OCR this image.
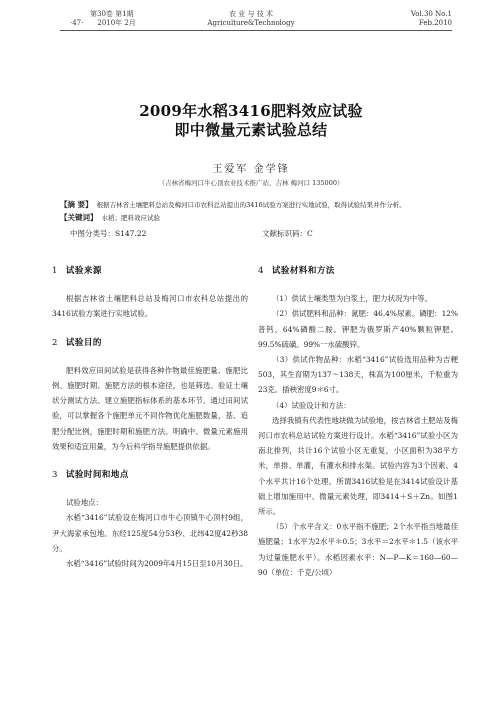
第30卷 第1期
·47· 2010年 2月
农 业 与 技 术
Agriculture&Technology
Vol.30 No.1
Feb.2010
2009年水稻3416肥料效应试验
即中微量元素试验总结
王爱军 金学锋
（吉林省梅河口牛心顶农业技术推广站，吉林 梅河口 135000）
【摘 要】 根据吉林省土壤肥料总站及梅河口市农科总站提出的3416试验方案进行实地试验，取得试验结果并作分析。
【关键词】 水稻；肥料效应试验
中图分类号：S147.22	文献标识码：C
1 试验来源

根据吉林省土壤肥料总站及梅河口市农科总站提出的3416试验方案进行实地试验。

2 试验目的

肥料效应田间试验是获得各种作物最佳施肥量、施肥比例、施肥时期、施肥方法的根本途径，也是筛选、验证土壤状分测试方法、建立施肥指标体系的基本环节。通过田间试验，可以掌握各个施肥单元不同作物优化施肥数量，基、追肥分配比例，施肥时期和施肥方法。明确中、微量元素施用效果和适宜用量，为今后科学指导施肥提供依据。

3 试验时间和地点

试验地点：

水稻“3416”试验设在梅河口市牛心顶镇牛心顶村9组，尹大海家承包地。东经125度54分53秒、北纬42度42秒38分。

水稻“3416”试验时间为2009年4月15日至10月30日。

4 试验材料和方法

（1）供试土壤类型为白浆土，肥力状况为中等。

（2）供试肥料和品种：氮肥：46.4%尿素。磷肥：12%普钙、64%磷酸二胺。钾肥为俄罗斯产40%颗粒钾肥。99.5%硫磺。99%一水硫酸锌。

（3）供试作物品种：水稻“3416”试验选用品种为吉粳503，其生育期为137～138天，株高为100厘米，千粒重为23克。插秧密度9＊6寸。

（4）试验设计和方法：

选择我镇有代表性地块做为试验地，按吉林省土肥站及梅河口市农科总站试验方案进行设计。水稻“3416”试验小区为南北排列，共计16个试验小区无重复，小区面积为38平方米，单排、单灌，有灌水和排水渠。试验内容为3个因素、4个水平共计16个处理。所谓3416试验是在3414试验设计基础上增加施用中、微量元素处理，即3414＋S＋Zn。如图1所示。

（5）个水平含义：0水平指不施肥；2个水平指当地最佳施肥量；1水平为2水平＊0.5；3水平＝2水平＊1.5（该水平为过量施肥水平）。水稻因素水平：N—P—K＝160—60—90（单位：千克/公顷）
